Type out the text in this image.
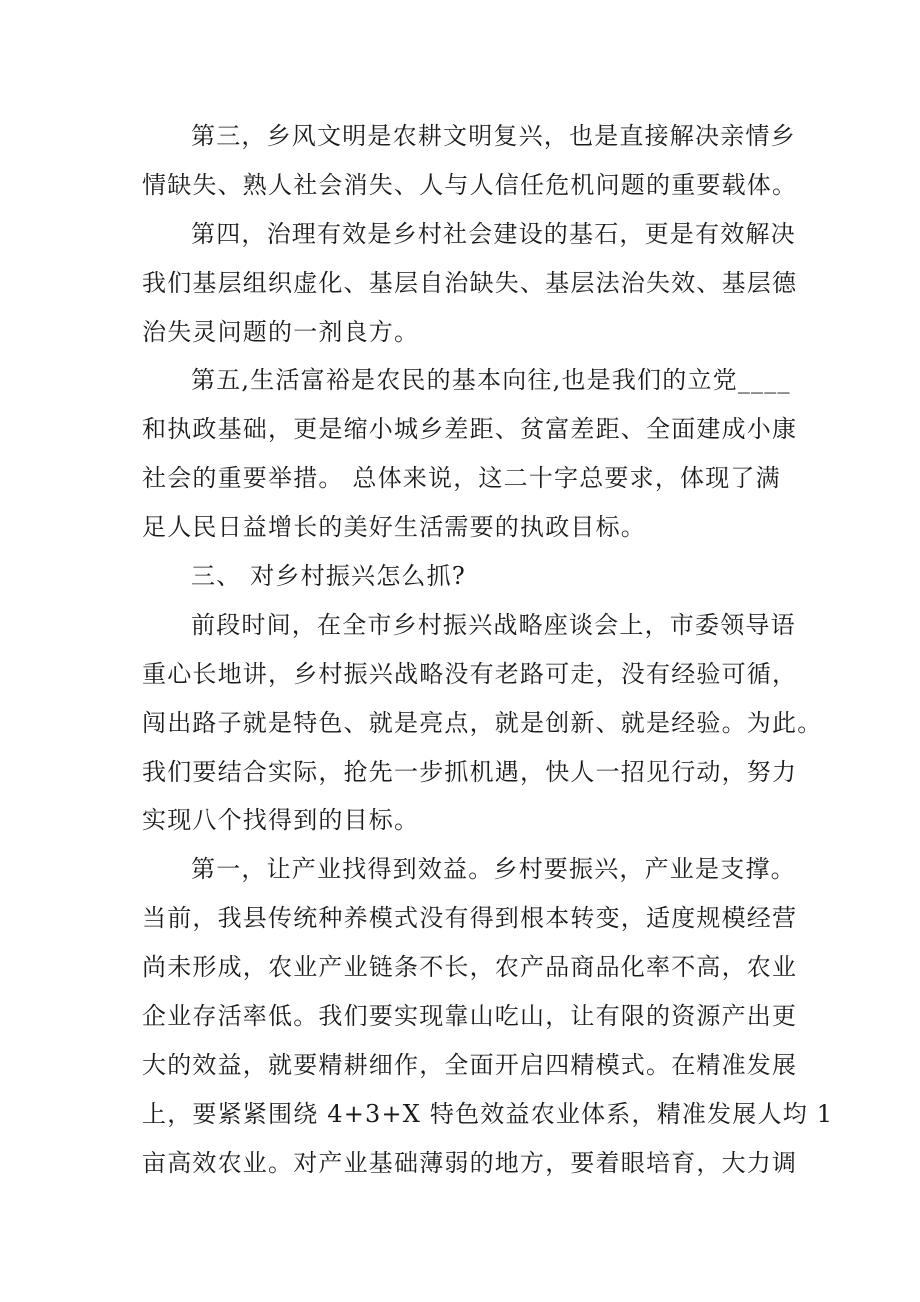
第三，乡风文明是农耕文明复兴，也是直接解决亲情乡
情缺失、熟人社会消失、人与人信任危机问题的重要载体。
第四，治理有效是乡村社会建设的基石，更是有效解决
我们基层组织虚化、基层自治缺失、基层法治失效、基层德
治失灵问题的一剂良方。
第五,生活富裕是农民的基本向往,也是我们的立党____
和执政基础，更是缩小城乡差距、贫富差距、全面建成小康
社会的重要举措。 总体来说，这二十字总要求，体现了满
足人民日益增长的美好生活需要的执政目标。
三、 对乡村振兴怎么抓?
前段时间，在全市乡村振兴战略座谈会上，市委领导语
重心长地讲，乡村振兴战略没有老路可走，没有经验可循，
闯出路子就是特色、就是亮点，就是创新、就是经验。为此。
我们要结合实际，抢先一步抓机遇，快人一招见行动，努力
实现八个找得到的目标。
第一，让产业找得到效益。乡村要振兴，产业是支撑。
当前，我县传统种养模式没有得到根本转变，适度规模经营
尚未形成，农业产业链条不长，农产品商品化率不高，农业
企业存活率低。我们要实现靠山吃山，让有限的资源产出更
大的效益，就要精耕细作，全面开启四精模式。在精准发展
上，要紧紧围绕 4+3+X 特色效益农业体系，精准发展人均 1
亩高效农业。对产业基础薄弱的地方，要着眼培育，大力调
